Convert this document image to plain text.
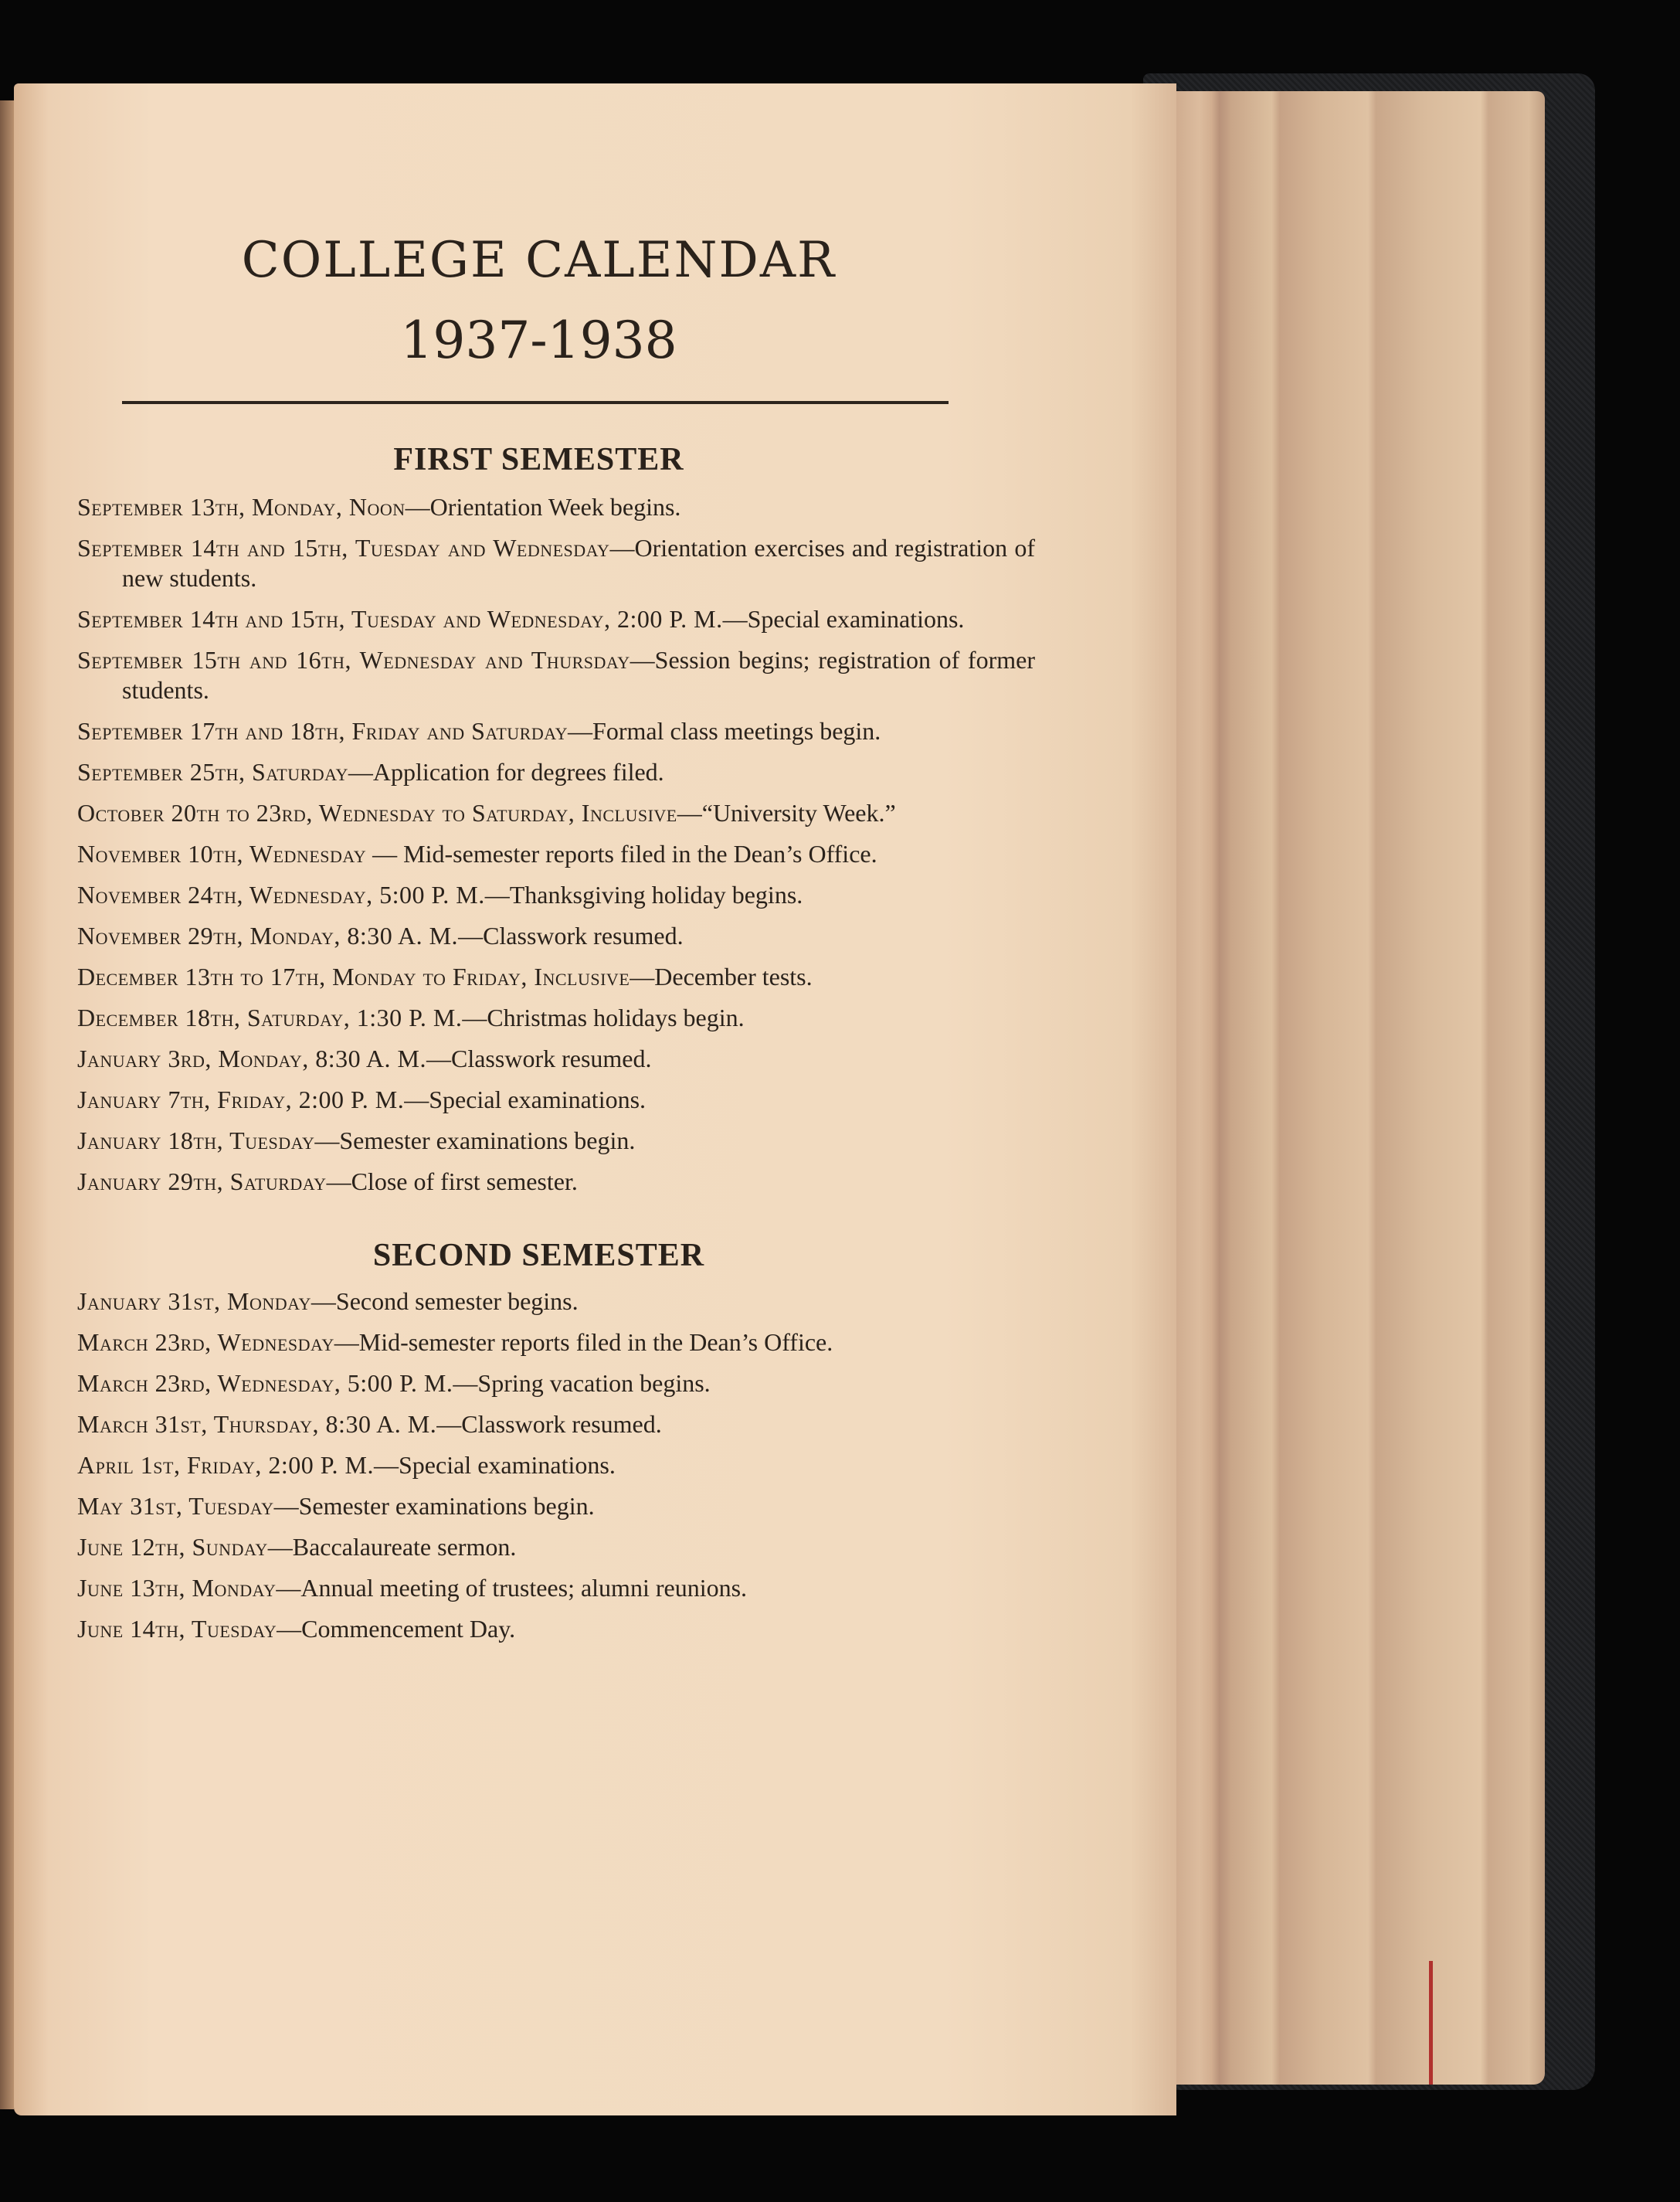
COLLEGE CALENDAR
1937-1938
FIRST SEMESTER
September 13th, Monday, Noon—Orientation Week begins.
September 14th and 15th, Tuesday and Wednesday—Orientation exercises and registration of new students.
September 14th and 15th, Tuesday and Wednesday, 2:00 P. M.—Special examinations.
September 15th and 16th, Wednesday and Thursday—Session begins; registration of former students.
September 17th and 18th, Friday and Saturday—Formal class meetings begin.
September 25th, Saturday—Application for degrees filed.
October 20th to 23rd, Wednesday to Saturday, Inclusive—“University Week.”
November 10th, Wednesday — Mid-semester reports filed in the Dean’s Office.
November 24th, Wednesday, 5:00 P. M.—Thanksgiving holiday begins.
November 29th, Monday, 8:30 A. M.—Classwork resumed.
December 13th to 17th, Monday to Friday, Inclusive—December tests.
December 18th, Saturday, 1:30 P. M.—Christmas holidays begin.
January 3rd, Monday, 8:30 A. M.—Classwork resumed.
January 7th, Friday, 2:00 P. M.—Special examinations.
January 18th, Tuesday—Semester examinations begin.
January 29th, Saturday—Close of first semester.
SECOND SEMESTER
January 31st, Monday—Second semester begins.
March 23rd, Wednesday—Mid-semester reports filed in the Dean’s Office.
March 23rd, Wednesday, 5:00 P. M.—Spring vacation begins.
March 31st, Thursday, 8:30 A. M.—Classwork resumed.
April 1st, Friday, 2:00 P. M.—Special examinations.
May 31st, Tuesday—Semester examinations begin.
June 12th, Sunday—Baccalaureate sermon.
June 13th, Monday—Annual meeting of trustees; alumni reunions.
June 14th, Tuesday—Commencement Day.
